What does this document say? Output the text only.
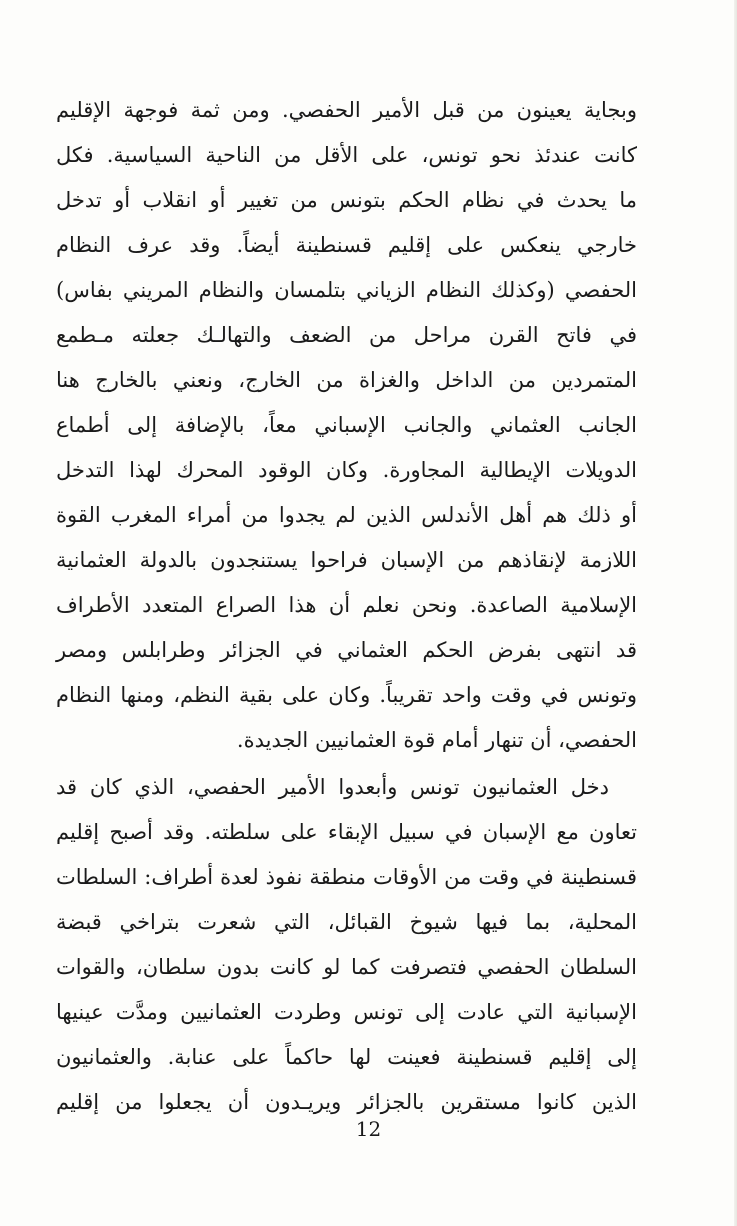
وبجاية يعينون من قبل الأمير الحفصي. ومن ثمة فوجهة الإقليم
كانت عندئذ نحو تونس، على الأقل من الناحية السياسية. فكل
ما يحدث في نظام الحكم بتونس من تغيير أو انقلاب أو تدخل
خارجي ينعكس على إقليم قسنطينة أيضاً. وقد عرف النظام
الحفصي (وكذلك النظام الزياني بتلمسان والنظام المريني بفاس)
في فاتح القرن مراحل من الضعف والتهالـك جعلته مـطمع
المتمردين من الداخل والغزاة من الخارج، ونعني بالخارج هنا
الجانب العثماني والجانب الإسباني معاً، بالإضافة إلى أطماع
الدويلات الإيطالية المجاورة. وكان الوقود المحرك لهذا التدخل
أو ذلك هم أهل الأندلس الذين لم يجدوا من أمراء المغرب القوة
اللازمة لإنقاذهم من الإسبان فراحوا يستنجدون بالدولة العثمانية
الإسلامية الصاعدة. ونحن نعلم أن هذا الصراع المتعدد الأطراف
قد انتهى بفرض الحكم العثماني في الجزائر وطرابلس ومصر
وتونس في وقت واحد تقريباً. وكان على بقية النظم، ومنها النظام
الحفصي، أن تنهار أمام قوة العثمانيين الجديدة.
دخل العثمانيون تونس وأبعدوا الأمير الحفصي، الذي كان قد
تعاون مع الإسبان في سبيل الإبقاء على سلطته. وقد أصبح إقليم
قسنطينة في وقت من الأوقات منطقة نفوذ لعدة أطراف: السلطات
المحلية، بما فيها شيوخ القبائل، التي شعرت بتراخي قبضة
السلطان الحفصي فتصرفت كما لو كانت بدون سلطان، والقوات
الإسبانية التي عادت إلى تونس وطردت العثمانيين ومدَّت عينيها
إلى إقليم قسنطينة فعينت لها حاكماً على عنابة. والعثمانيون
الذين كانوا مستقرين بالجزائر ويريـدون أن يجعلوا من إقليم
12
